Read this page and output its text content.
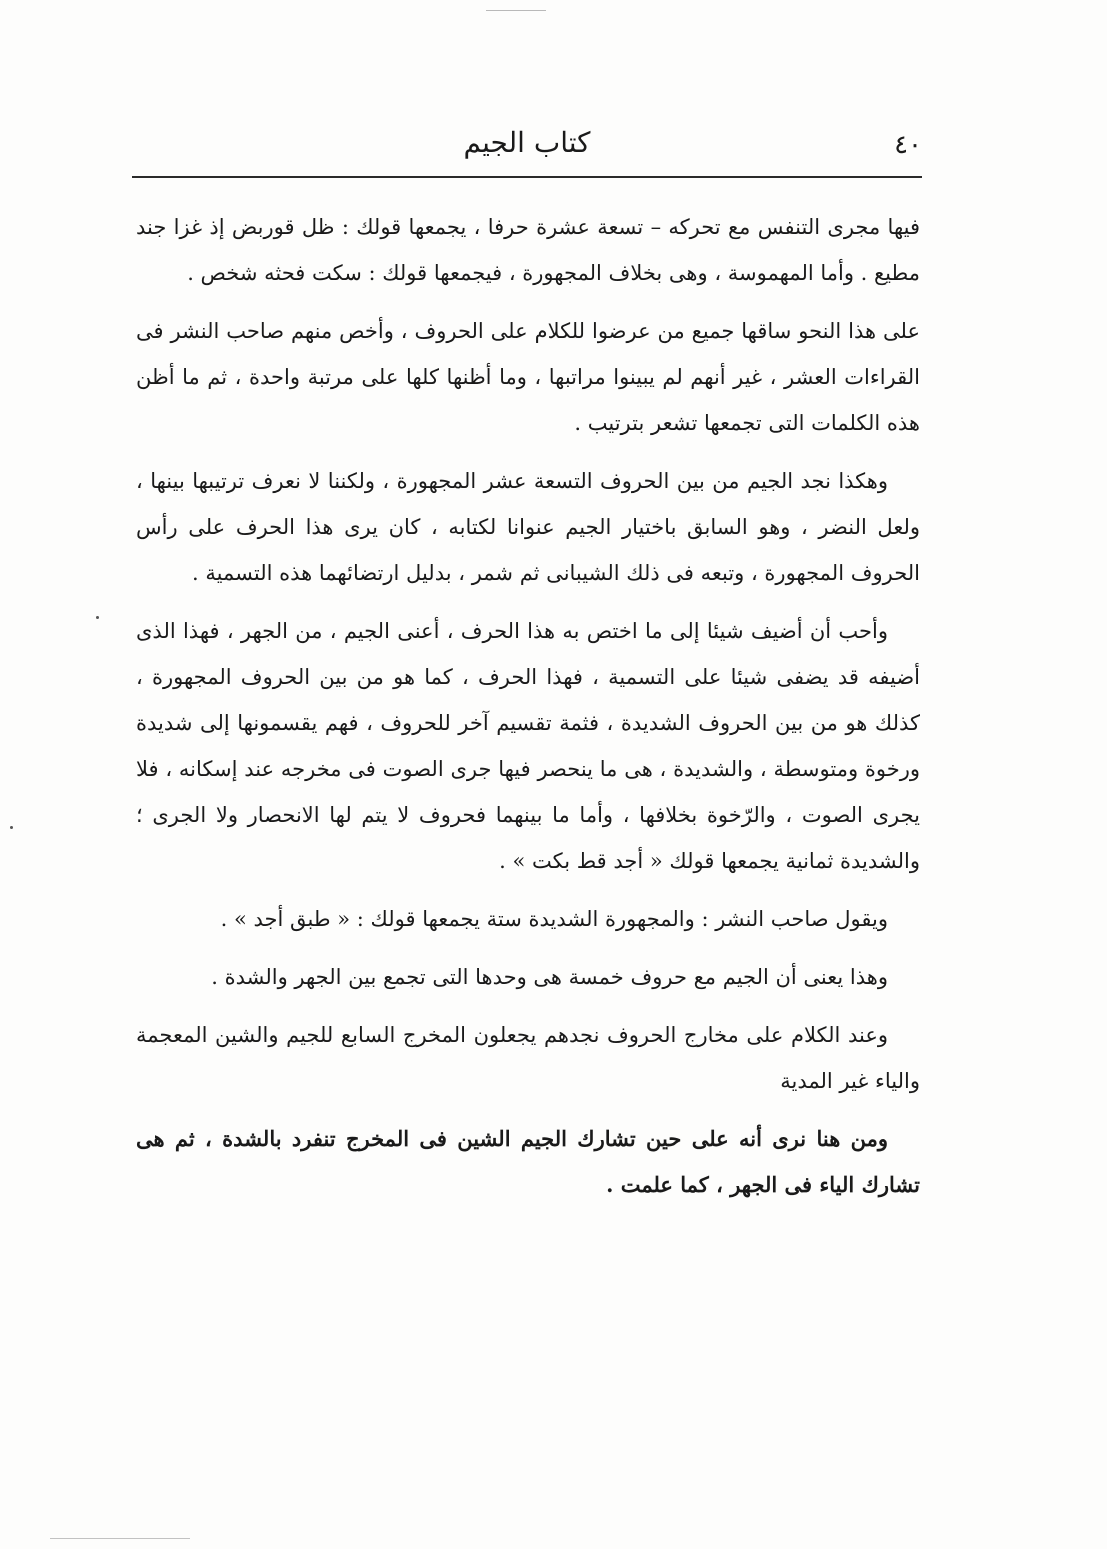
٤٠
كتاب الجيم

فيها مجرى التنفس مع تحركه – تسعة عشرة حرفا ، يجمعها قولك : ظل قوربض إذ غزا جند مطيع . وأما المهموسة ، وهى بخلاف المجهورة ، فيجمعها قولك : سكت فحثه شخص .

على هذا النحو ساقها جميع من عرضوا للكلام على الحروف ، وأخص منهم صاحب النشر فى القراءات العشر ، غير أنهم لم يبينوا مراتبها ، وما أظنها كلها على مرتبة واحدة ، ثم ما أظن هذه الكلمات التى تجمعها تشعر بترتيب .

وهكذا نجد الجيم من بين الحروف التسعة عشر المجهورة ، ولكننا لا نعرف ترتيبها بينها ، ولعل النضر ، وهو السابق باختيار الجيم عنوانا لكتابه ، كان يرى هذا الحرف على رأس الحروف المجهورة ، وتبعه فى ذلك الشيبانى ثم شمر ، بدليل ارتضائهما هذه التسمية .

وأحب أن أضيف شيئا إلى ما اختص به هذا الحرف ، أعنى الجيم ، من الجهر ، فهذا الذى أضيفه قد يضفى شيئا على التسمية ، فهذا الحرف ، كما هو من بين الحروف المجهورة ، كذلك هو من بين الحروف الشديدة ، فثمة تقسيم آخر للحروف ، فهم يقسمونها إلى شديدة ورخوة ومتوسطة ، والشديدة ، هى ما ينحصر فيها جرى الصوت فى مخرجه عند إسكانه ، فلا يجرى الصوت ، والرّخوة بخلافها ، وأما ما بينهما فحروف لا يتم لها الانحصار ولا الجرى ؛ والشديدة ثمانية يجمعها قولك « أجد قط بكت » .

ويقول صاحب النشر : والمجهورة الشديدة ستة يجمعها قولك : « طبق أجد » .

وهذا يعنى أن الجيم مع حروف خمسة هى وحدها التى تجمع بين الجهر والشدة .

وعند الكلام على مخارج الحروف نجدهم يجعلون المخرج السابع للجيم والشين المعجمة والياء غير المدية

ومن هنا نرى أنه على حين تشارك الجيم الشين فى المخرج تنفرد بالشدة ، ثم هى تشارك الياء فى الجهر ، كما علمت .
